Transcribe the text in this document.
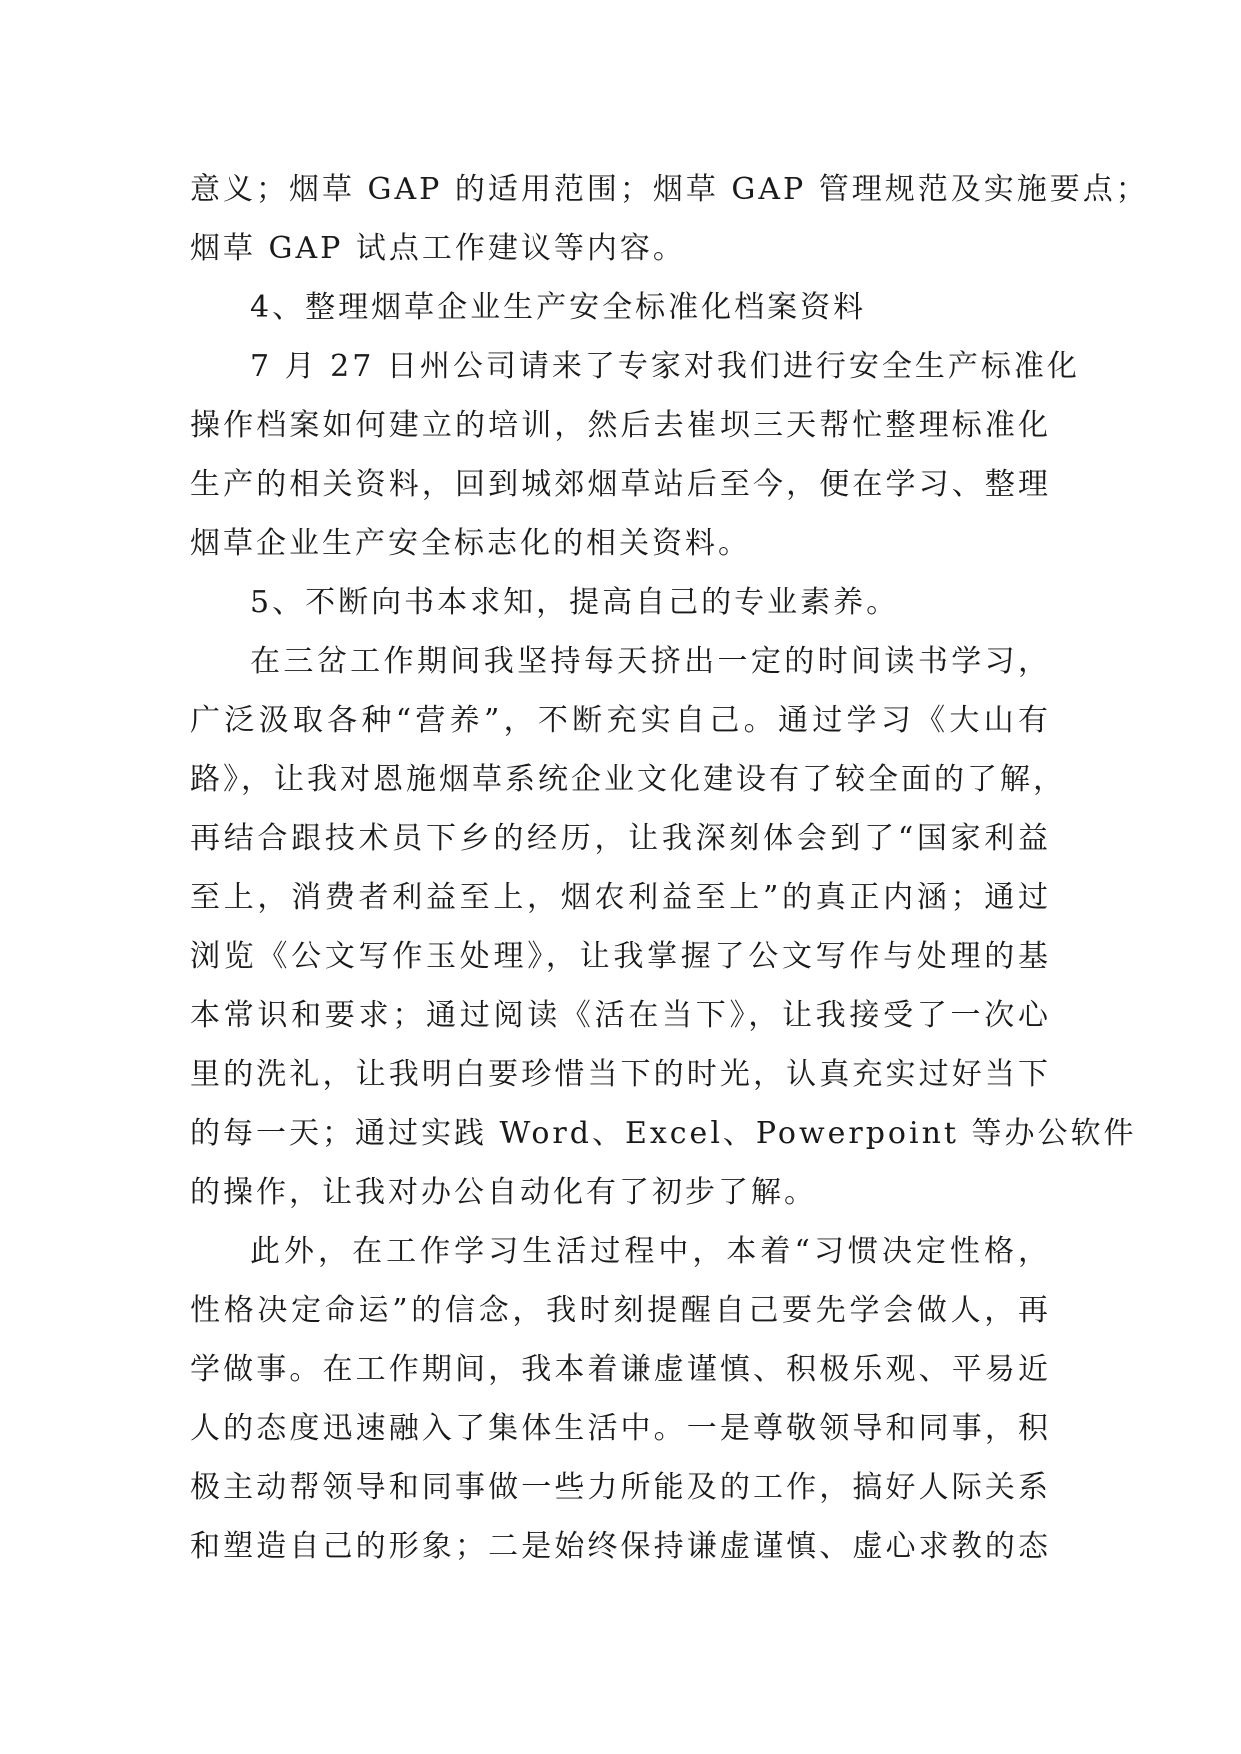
意义；烟草 GAP 的适用范围；烟草 GAP 管理规范及实施要点；
烟草 GAP 试点工作建议等内容。
4、整理烟草企业生产安全标准化档案资料
7 月 27 日州公司请来了专家对我们进行安全生产标准化
操作档案如何建立的培训，然后去崔坝三天帮忙整理标准化
生产的相关资料，回到城郊烟草站后至今，便在学习、整理
烟草企业生产安全标志化的相关资料。
5、不断向书本求知，提高自己的专业素养。
在三岔工作期间我坚持每天挤出一定的时间读书学习，
广泛汲取各种“营养”，不断充实自己。通过学习《大山有
路》，让我对恩施烟草系统企业文化建设有了较全面的了解，
再结合跟技术员下乡的经历，让我深刻体会到了“国家利益
至上，消费者利益至上，烟农利益至上”的真正内涵；通过
浏览《公文写作玉处理》，让我掌握了公文写作与处理的基
本常识和要求；通过阅读《活在当下》，让我接受了一次心
里的洗礼，让我明白要珍惜当下的时光，认真充实过好当下
的每一天；通过实践 Word、Excel、Powerpoint 等办公软件
的操作，让我对办公自动化有了初步了解。
此外，在工作学习生活过程中，本着“习惯决定性格，
性格决定命运”的信念，我时刻提醒自己要先学会做人，再
学做事。在工作期间，我本着谦虚谨慎、积极乐观、平易近
人的态度迅速融入了集体生活中。一是尊敬领导和同事，积
极主动帮领导和同事做一些力所能及的工作，搞好人际关系
和塑造自己的形象；二是始终保持谦虚谨慎、虚心求教的态
